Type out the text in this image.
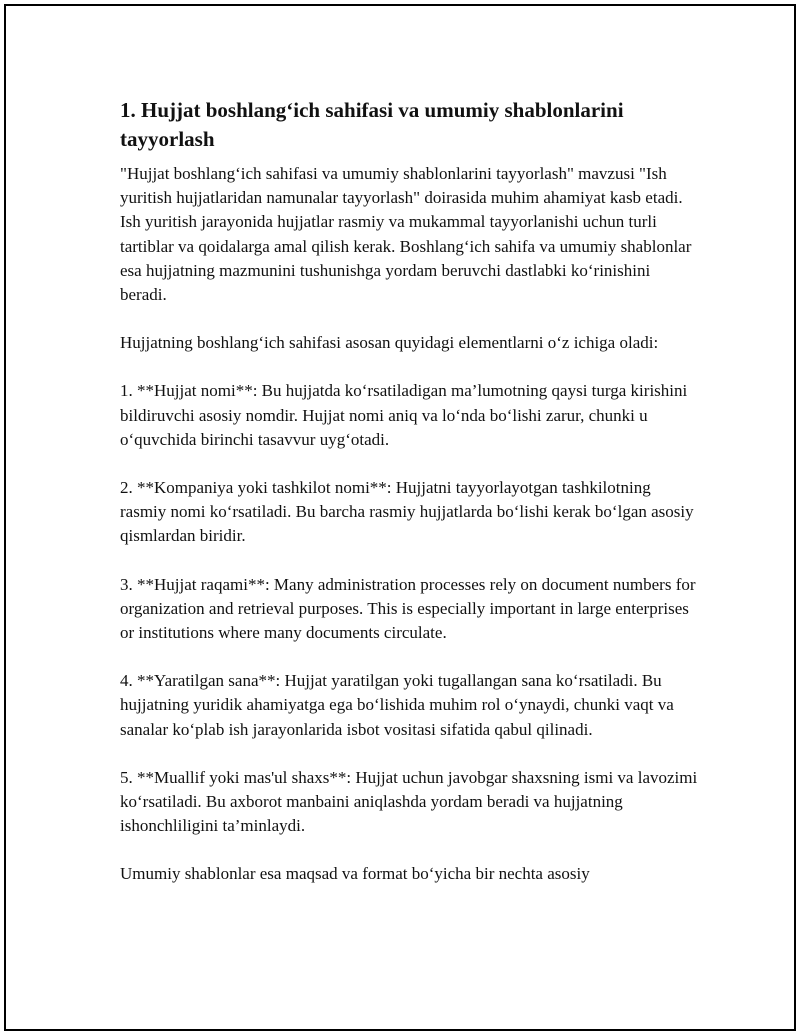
1. Hujjat boshlang‘ich sahifasi va umumiy shablonlarini tayyorlash

"Hujjat boshlang‘ich sahifasi va umumiy shablonlarini tayyorlash" mavzusi "Ish yuritish hujjatlaridan namunalar tayyorlash" doirasida muhim ahamiyat kasb etadi. Ish yuritish jarayonida hujjatlar rasmiy va mukammal tayyorlanishi uchun turli tartiblar va qoidalarga amal qilish kerak. Boshlang‘ich sahifa va umumiy shablonlar esa hujjatning mazmunini tushunishga yordam beruvchi dastlabki ko‘rinishini beradi.

Hujjatning boshlang‘ich sahifasi asosan quyidagi elementlarni o‘z ichiga oladi:

1. **Hujjat nomi**: Bu hujjatda ko‘rsatiladigan ma’lumotning qaysi turga kirishini bildiruvchi asosiy nomdir. Hujjat nomi aniq va lo‘nda bo‘lishi zarur, chunki u o‘quvchida birinchi tasavvur uyg‘otadi.

2. **Kompaniya yoki tashkilot nomi**: Hujjatni tayyorlayotgan tashkilotning rasmiy nomi ko‘rsatiladi. Bu barcha rasmiy hujjatlarda bo‘lishi kerak bo‘lgan asosiy qismlardan biridir.

3. **Hujjat raqami**: Many administration processes rely on document numbers for organization and retrieval purposes. This is especially important in large enterprises or institutions where many documents circulate.

4. **Yaratilgan sana**: Hujjat yaratilgan yoki tugallangan sana ko‘rsatiladi. Bu hujjatning yuridik ahamiyatga ega bo‘lishida muhim rol o‘ynaydi, chunki vaqt va sanalar ko‘plab ish jarayonlarida isbot vositasi sifatida qabul qilinadi.

5. **Muallif yoki mas'ul shaxs**: Hujjat uchun javobgar shaxsning ismi va lavozimi ko‘rsatiladi. Bu axborot manbaini aniqlashda yordam beradi va hujjatning ishonchliligini ta’minlaydi.

Umumiy shablonlar esa maqsad va format bo‘yicha bir nechta asosiy
